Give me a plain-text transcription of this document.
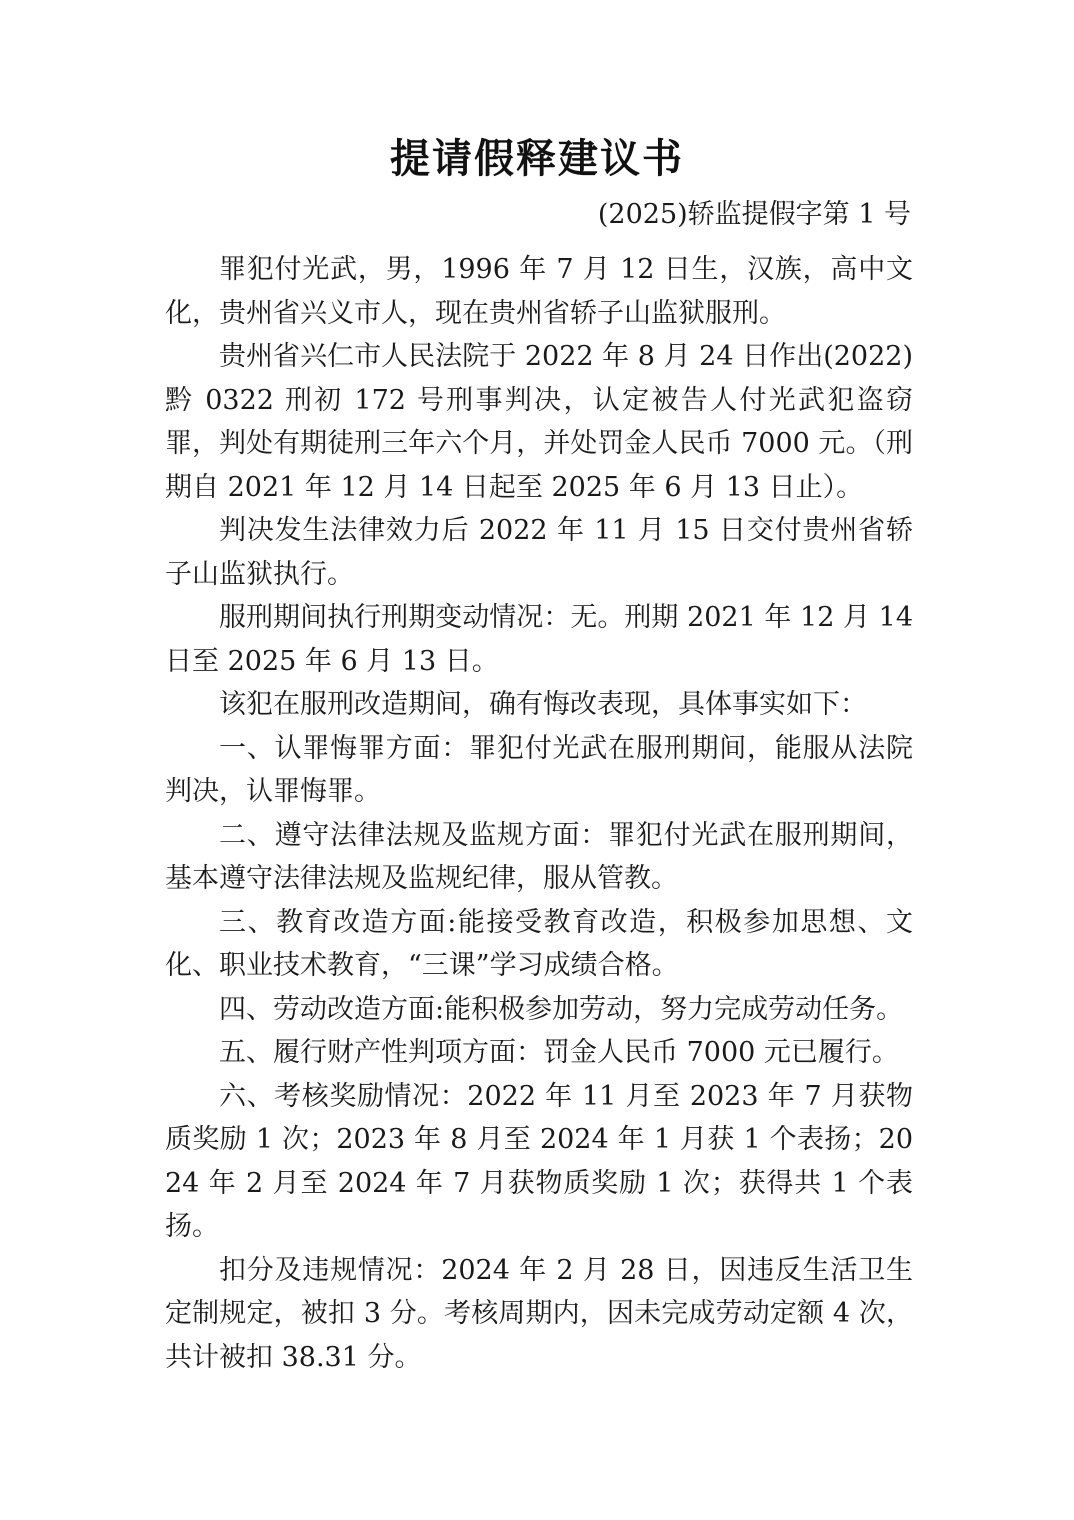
提请假释建议书
(2025)轿监提假字第 1 号

罪犯付光武，男，1996 年 7 月 12 日生，汉族，高中文化，贵州省兴义市人，现在贵州省轿子山监狱服刑。

贵州省兴仁市人民法院于 2022 年 8 月 24 日作出(2022)黔 0322 刑初 172 号刑事判决，认定被告人付光武犯盗窃罪，判处有期徒刑三年六个月，并处罚金人民币 7000 元。（刑期自 2021 年 12 月 14 日起至 2025 年 6 月 13 日止）。

判决发生法律效力后 2022 年 11 月 15 日交付贵州省轿子山监狱执行。

服刑期间执行刑期变动情况：无。刑期 2021 年 12 月 14 日至 2025 年 6 月 13 日。

该犯在服刑改造期间，确有悔改表现，具体事实如下：

一、认罪悔罪方面：罪犯付光武在服刑期间，能服从法院判决，认罪悔罪。

二、遵守法律法规及监规方面：罪犯付光武在服刑期间，基本遵守法律法规及监规纪律，服从管教。

三、教育改造方面:能接受教育改造，积极参加思想、文化、职业技术教育，“三课”学习成绩合格。

四、劳动改造方面:能积极参加劳动，努力完成劳动任务。

五、履行财产性判项方面：罚金人民币 7000 元已履行。

六、考核奖励情况：2022 年 11 月至 2023 年 7 月获物质奖励 1 次；2023 年 8 月至 2024 年 1 月获 1 个表扬；2024 年 2 月至 2024 年 7 月获物质奖励 1 次；获得共 1 个表扬。

扣分及违规情况：2024 年 2 月 28 日，因违反生活卫生定制规定，被扣 3 分。考核周期内，因未完成劳动定额 4 次，共计被扣 38.31 分。
